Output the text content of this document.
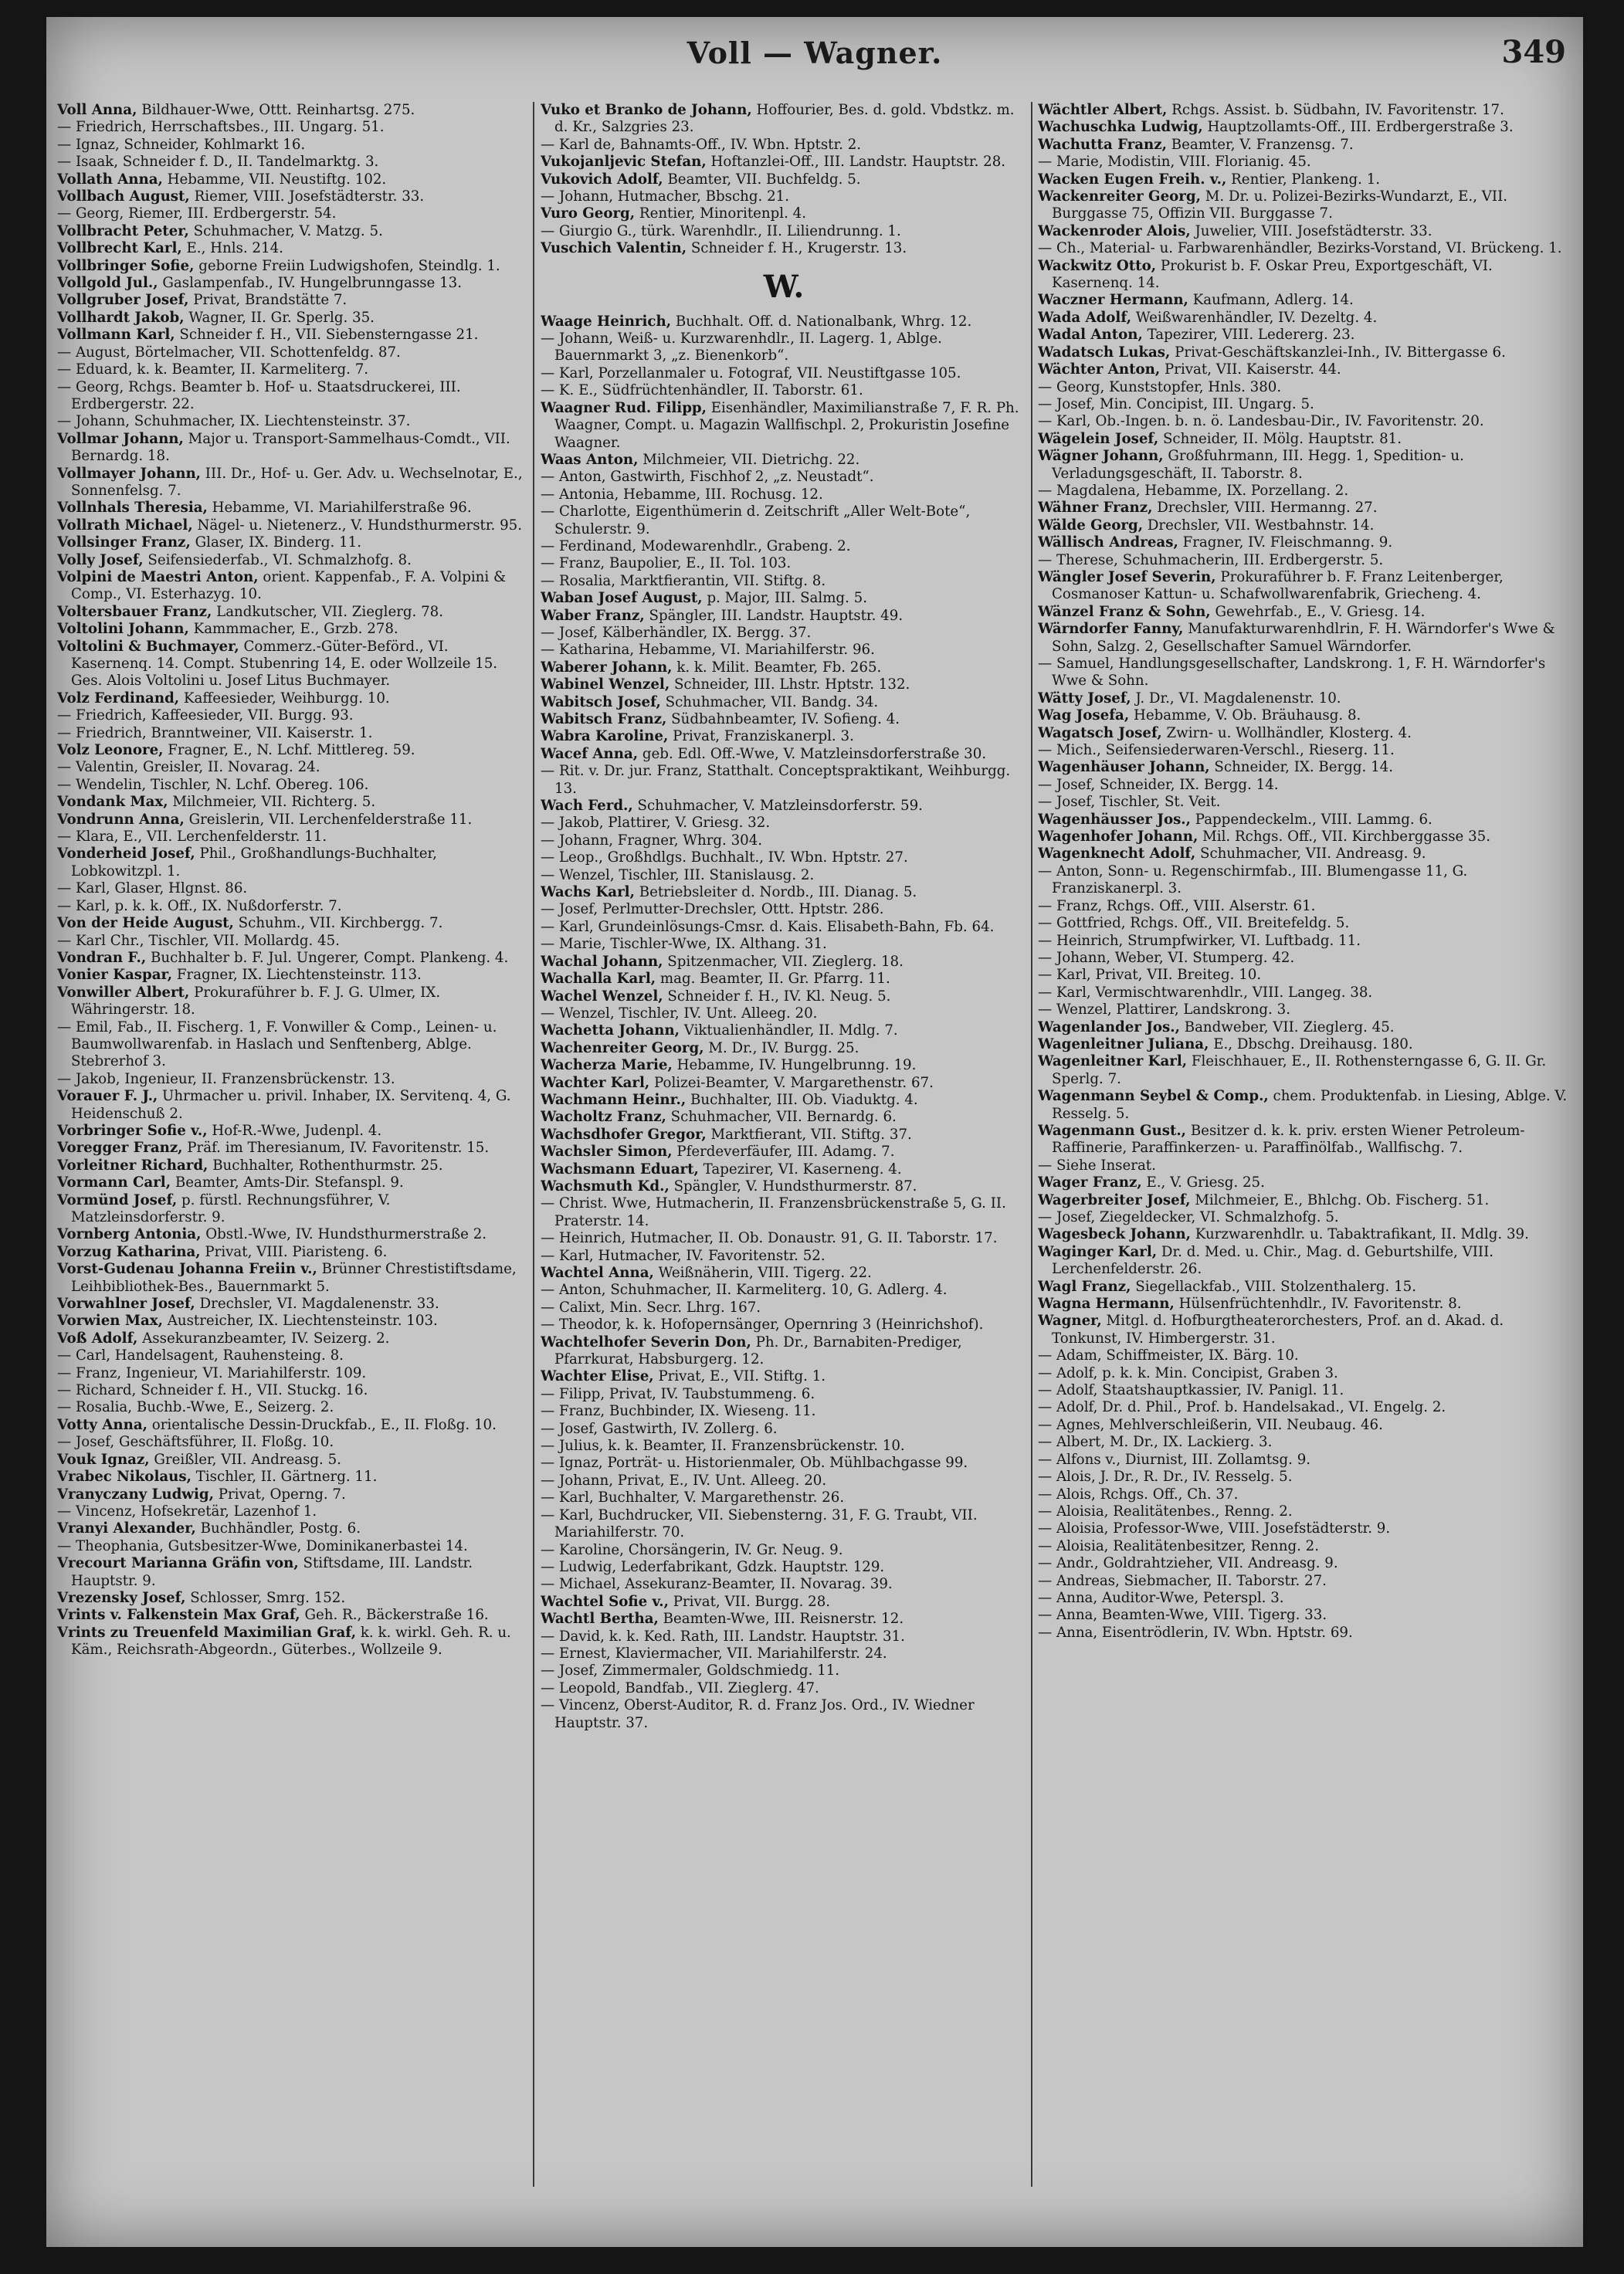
Voll — Wagner.	349

Voll Anna, Bildhauer-Wwe, Ottt. Reinhartsg. 275.

— Friedrich, Herrschaftsbes., III. Ungarg. 51.

— Ignaz, Schneider, Kohlmarkt 16.

— Isaak, Schneider f. D., II. Tandelmarktg. 3.

Vollath Anna, Hebamme, VII. Neustiftg. 102.

Vollbach August, Riemer, VIII. Josefstädterstr. 33.

— Georg, Riemer, III. Erdbergerstr. 54.

Vollbracht Peter, Schuhmacher, V. Matzg. 5.

Vollbrecht Karl, E., Hnls. 214.

Vollbringer Sofie, geborne Freiin Ludwigshofen, Steindlg. 1.

Vollgold Jul., Gaslampenfab., IV. Hungelbrunngasse 13.

Vollgruber Josef, Privat, Brandstätte 7.

Vollhardt Jakob, Wagner, II. Gr. Sperlg. 35.

Vollmann Karl, Schneider f. H., VII. Siebensterngasse 21.

— August, Börtelmacher, VII. Schottenfeldg. 87.

— Eduard, k. k. Beamter, II. Karmeliterg. 7.

— Georg, Rchgs. Beamter b. Hof- u. Staatsdruckerei, III. Erdbergerstr. 22.

— Johann, Schuhmacher, IX. Liechtensteinstr. 37.

Vollmar Johann, Major u. Transport-Sammelhaus-Comdt., VII. Bernardg. 18.

Vollmayer Johann, III. Dr., Hof- u. Ger. Adv. u. Wechselnotar, E., Sonnenfelsg. 7.

Vollnhals Theresia, Hebamme, VI. Mariahilferstraße 96.

Vollrath Michael, Nägel- u. Nietenerz., V. Hundsthurmerstr. 95.

Vollsinger Franz, Glaser, IX. Binderg. 11.

Volly Josef, Seifensiederfab., VI. Schmalzhofg. 8.

Volpini de Maestri Anton, orient. Kappenfab., F. A. Volpini & Comp., VI. Esterhazyg. 10.

Voltersbauer Franz, Landkutscher, VII. Zieglerg. 78.

Voltolini Johann, Kammmacher, E., Grzb. 278.

Voltolini & Buchmayer, Commerz.-Güter-Beförd., VI. Kasernenq. 14. Compt. Stubenring 14, E. oder Wollzeile 15. Ges. Alois Voltolini u. Josef Litus Buchmayer.

Volz Ferdinand, Kaffeesieder, Weihburgg. 10.

— Friedrich, Kaffeesieder, VII. Burgg. 93.

— Friedrich, Branntweiner, VII. Kaiserstr. 1.

Volz Leonore, Fragner, E., N. Lchf. Mittlereg. 59.

— Valentin, Greisler, II. Novarag. 24.

— Wendelin, Tischler, N. Lchf. Obereg. 106.

Vondank Max, Milchmeier, VII. Richterg. 5.

Vondrunn Anna, Greislerin, VII. Lerchenfelderstraße 11.

— Klara, E., VII. Lerchenfelderstr. 11.

Vonderheid Josef, Phil., Großhandlungs-Buchhalter, Lobkowitzpl. 1.

— Karl, Glaser, Hlgnst. 86.

— Karl, p. k. k. Off., IX. Nußdorferstr. 7.

Von der Heide August, Schuhm., VII. Kirchbergg. 7.

— Karl Chr., Tischler, VII. Mollardg. 45.

Vondran F., Buchhalter b. F. Jul. Ungerer, Compt. Plankeng. 4.

Vonier Kaspar, Fragner, IX. Liechtensteinstr. 113.

Vonwiller Albert, Prokuraführer b. F. J. G. Ulmer, IX. Währingerstr. 18.

— Emil, Fab., II. Fischerg. 1, F. Vonwiller & Comp., Leinen- u. Baumwollwarenfab. in Haslach und Senftenberg, Ablge. Stebrerhof 3.

— Jakob, Ingenieur, II. Franzensbrückenstr. 13.

Vorauer F. J., Uhrmacher u. privil. Inhaber, IX. Servitenq. 4, G. Heidenschuß 2.

Vorbringer Sofie v., Hof-R.-Wwe, Judenpl. 4.

Voregger Franz, Präf. im Theresianum, IV. Favoritenstr. 15.

Vorleitner Richard, Buchhalter, Rothenthurmstr. 25.

Vormann Carl, Beamter, Amts-Dir. Stefanspl. 9.

Vormünd Josef, p. fürstl. Rechnungsführer, V. Matzleinsdorferstr. 9.

Vornberg Antonia, Obstl.-Wwe, IV. Hundsthurmerstraße 2.

Vorzug Katharina, Privat, VIII. Piaristeng. 6.

Vorst-Gudenau Johanna Freiin v., Brünner Chrestistiftsdame, Leihbibliothek-Bes., Bauernmarkt 5.

Vorwahlner Josef, Drechsler, VI. Magdalenenstr. 33.

Vorwien Max, Austreicher, IX. Liechtensteinstr. 103.

Voß Adolf, Assekuranzbeamter, IV. Seizerg. 2.

— Carl, Handelsagent, Rauhensteing. 8.

— Franz, Ingenieur, VI. Mariahilferstr. 109.

— Richard, Schneider f. H., VII. Stuckg. 16.

— Rosalia, Buchb.-Wwe, E., Seizerg. 2.

Votty Anna, orientalische Dessin-Druckfab., E., II. Floßg. 10.

— Josef, Geschäftsführer, II. Floßg. 10.

Vouk Ignaz, Greißler, VII. Andreasg. 5.

Vrabec Nikolaus, Tischler, II. Gärtnerg. 11.

Vranyczany Ludwig, Privat, Operng. 7.

— Vincenz, Hofsekretär, Lazenhof 1.

Vranyi Alexander, Buchhändler, Postg. 6.

— Theophania, Gutsbesitzer-Wwe, Dominikanerbastei 14.

Vrecourt Marianna Gräfin von, Stiftsdame, III. Landstr. Hauptstr. 9.

Vrezensky Josef, Schlosser, Smrg. 152.

Vrints v. Falkenstein Max Graf, Geh. R., Bäckerstraße 16.

Vrints zu Treuenfeld Maximilian Graf, k. k. wirkl. Geh. R. u. Käm., Reichsrath-Abgeordn., Güterbes., Wollzeile 9.

Vuko et Branko de Johann, Hoffourier, Bes. d. gold. Vbdstkz. m. d. Kr., Salzgries 23.

— Karl de, Bahnamts-Off., IV. Wbn. Hptstr. 2.

Vukojanljevic Stefan, Hoftanzlei-Off., III. Landstr. Hauptstr. 28.

Vukovich Adolf, Beamter, VII. Buchfeldg. 5.

— Johann, Hutmacher, Bbschg. 21.

Vuro Georg, Rentier, Minoritenpl. 4.

— Giurgio G., türk. Warenhdlr., II. Liliendrunng. 1.

Vuschich Valentin, Schneider f. H., Krugerstr. 13.

W.

Waage Heinrich, Buchhalt. Off. d. Nationalbank, Whrg. 12.

— Johann, Weiß- u. Kurzwarenhdlr., II. Lagerg. 1, Ablge. Bauernmarkt 3, „z. Bienenkorb“.

— Karl, Porzellanmaler u. Fotograf, VII. Neustiftgasse 105.

— K. E., Südfrüchtenhändler, II. Taborstr. 61.

Waagner Rud. Filipp, Eisenhändler, Maximilianstraße 7, F. R. Ph. Waagner, Compt. u. Magazin Wallfischpl. 2, Prokuristin Josefine Waagner.

Waas Anton, Milchmeier, VII. Dietrichg. 22.

— Anton, Gastwirth, Fischhof 2, „z. Neustadt“.

— Antonia, Hebamme, III. Rochusg. 12.

— Charlotte, Eigenthümerin d. Zeitschrift „Aller Welt-Bote“, Schulerstr. 9.

— Ferdinand, Modewarenhdlr., Grabeng. 2.

— Franz, Baupolier, E., II. Tol. 103.

— Rosalia, Marktfierantin, VII. Stiftg. 8.

Waban Josef August, p. Major, III. Salmg. 5.

Waber Franz, Spängler, III. Landstr. Hauptstr. 49.

— Josef, Kälberhändler, IX. Bergg. 37.

— Katharina, Hebamme, VI. Mariahilferstr. 96.

Waberer Johann, k. k. Milit. Beamter, Fb. 265.

Wabinel Wenzel, Schneider, III. Lhstr. Hptstr. 132.

Wabitsch Josef, Schuhmacher, VII. Bandg. 34.

Wabitsch Franz, Südbahnbeamter, IV. Sofieng. 4.

Wabra Karoline, Privat, Franziskanerpl. 3.

Wacef Anna, geb. Edl. Off.-Wwe, V. Matzleinsdorferstraße 30.

— Rit. v. Dr. jur. Franz, Statthalt. Conceptspraktikant, Weihburgg. 13.

Wach Ferd., Schuhmacher, V. Matzleinsdorferstr. 59.

— Jakob, Plattirer, V. Griesg. 32.

— Johann, Fragner, Whrg. 304.

— Leop., Großhdlgs. Buchhalt., IV. Wbn. Hptstr. 27.

— Wenzel, Tischler, III. Stanislausg. 2.

Wachs Karl, Betriebsleiter d. Nordb., III. Dianag. 5.

— Josef, Perlmutter-Drechsler, Ottt. Hptstr. 286.

— Karl, Grundeinlösungs-Cmsr. d. Kais. Elisabeth-Bahn, Fb. 64.

— Marie, Tischler-Wwe, IX. Althang. 31.

Wachal Johann, Spitzenmacher, VII. Zieglerg. 18.

Wachalla Karl, mag. Beamter, II. Gr. Pfarrg. 11.

Wachel Wenzel, Schneider f. H., IV. Kl. Neug. 5.

— Wenzel, Tischler, IV. Unt. Alleeg. 20.

Wachetta Johann, Viktualienhändler, II. Mdlg. 7.

Wachenreiter Georg, M. Dr., IV. Burgg. 25.

Wacherza Marie, Hebamme, IV. Hungelbrunng. 19.

Wachter Karl, Polizei-Beamter, V. Margarethenstr. 67.

Wachmann Heinr., Buchhalter, III. Ob. Viaduktg. 4.

Wacholtz Franz, Schuhmacher, VII. Bernardg. 6.

Wachsdhofer Gregor, Marktfierant, VII. Stiftg. 37.

Wachsler Simon, Pferdeverfäufer, III. Adamg. 7.

Wachsmann Eduart, Tapezirer, VI. Kaserneng. 4.

Wachsmuth Kd., Spängler, V. Hundsthurmerstr. 87.

— Christ. Wwe, Hutmacherin, II. Franzensbrückenstraße 5, G. II. Praterstr. 14.

— Heinrich, Hutmacher, II. Ob. Donaustr. 91, G. II. Taborstr. 17.

— Karl, Hutmacher, IV. Favoritenstr. 52.

Wachtel Anna, Weißnäherin, VIII. Tigerg. 22.

— Anton, Schuhmacher, II. Karmeliterg. 10, G. Adlerg. 4.

— Calixt, Min. Secr. Lhrg. 167.

— Theodor, k. k. Hofopernsänger, Opernring 3 (Heinrichshof).

Wachtelhofer Severin Don, Ph. Dr., Barnabiten-Prediger, Pfarrkurat, Habsburgerg. 12.

Wachter Elise, Privat, E., VII. Stiftg. 1.

— Filipp, Privat, IV. Taubstummeng. 6.

— Franz, Buchbinder, IX. Wieseng. 11.

— Josef, Gastwirth, IV. Zollerg. 6.

— Julius, k. k. Beamter, II. Franzensbrückenstr. 10.

— Ignaz, Porträt- u. Historienmaler, Ob. Mühlbachgasse 99.

— Johann, Privat, E., IV. Unt. Alleeg. 20.

— Karl, Buchhalter, V. Margarethenstr. 26.

— Karl, Buchdrucker, VII. Siebensterng. 31, F. G. Traubt, VII. Mariahilferstr. 70.

— Karoline, Chorsängerin, IV. Gr. Neug. 9.

— Ludwig, Lederfabrikant, Gdzk. Hauptstr. 129.

— Michael, Assekuranz-Beamter, II. Novarag. 39.

Wachtel Sofie v., Privat, VII. Burgg. 28.

Wachtl Bertha, Beamten-Wwe, III. Reisnerstr. 12.

— David, k. k. Ked. Rath, III. Landstr. Hauptstr. 31.

— Ernest, Klaviermacher, VII. Mariahilferstr. 24.

— Josef, Zimmermaler, Goldschmiedg. 11.

— Leopold, Bandfab., VII. Zieglerg. 47.

— Vincenz, Oberst-Auditor, R. d. Franz Jos. Ord., IV. Wiedner Hauptstr. 37.

Wächtler Albert, Rchgs. Assist. b. Südbahn, IV. Favoritenstr. 17.

Wachuschka Ludwig, Hauptzollamts-Off., III. Erdbergerstraße 3.

Wachutta Franz, Beamter, V. Franzensg. 7.

— Marie, Modistin, VIII. Florianig. 45.

Wacken Eugen Freih. v., Rentier, Plankeng. 1.

Wackenreiter Georg, M. Dr. u. Polizei-Bezirks-Wundarzt, E., VII. Burggasse 75, Offizin VII. Burggasse 7.

Wackenroder Alois, Juwelier, VIII. Josefstädterstr. 33.

— Ch., Material- u. Farbwarenhändler, Bezirks-Vorstand, VI. Brückeng. 1.

Wackwitz Otto, Prokurist b. F. Oskar Preu, Exportgeschäft, VI. Kasernenq. 14.

Waczner Hermann, Kaufmann, Adlerg. 14.

Wada Adolf, Weißwarenhändler, IV. Dezeltg. 4.

Wadal Anton, Tapezirer, VIII. Ledererg. 23.

Wadatsch Lukas, Privat-Geschäftskanzlei-Inh., IV. Bittergasse 6.

Wächter Anton, Privat, VII. Kaiserstr. 44.

— Georg, Kunststopfer, Hnls. 380.

— Josef, Min. Concipist, III. Ungarg. 5.

— Karl, Ob.-Ingen. b. n. ö. Landesbau-Dir., IV. Favoritenstr. 20.

Wägelein Josef, Schneider, II. Mölg. Hauptstr. 81.

Wägner Johann, Großfuhrmann, III. Hegg. 1, Spedition- u. Verladungsgeschäft, II. Taborstr. 8.

— Magdalena, Hebamme, IX. Porzellang. 2.

Wähner Franz, Drechsler, VIII. Hermanng. 27.

Wälde Georg, Drechsler, VII. Westbahnstr. 14.

Wällisch Andreas, Fragner, IV. Fleischmanng. 9.

— Therese, Schuhmacherin, III. Erdbergerstr. 5.

Wängler Josef Severin, Prokuraführer b. F. Franz Leitenberger, Cosmanoser Kattun- u. Schafwollwarenfabrik, Griecheng. 4.

Wänzel Franz & Sohn, Gewehrfab., E., V. Griesg. 14.

Wärndorfer Fanny, Manufakturwarenhdlrin, F. H. Wärndorfer's Wwe & Sohn, Salzg. 2, Gesellschafter Samuel Wärndorfer.

— Samuel, Handlungsgesellschafter, Landskrong. 1, F. H. Wärndorfer's Wwe & Sohn.

Wätty Josef, J. Dr., VI. Magdalenenstr. 10.

Wag Josefa, Hebamme, V. Ob. Bräuhausg. 8.

Wagatsch Josef, Zwirn- u. Wollhändler, Klosterg. 4.

— Mich., Seifensiederwaren-Verschl., Rieserg. 11.

Wagenhäuser Johann, Schneider, IX. Bergg. 14.

— Josef, Schneider, IX. Bergg. 14.

— Josef, Tischler, St. Veit.

Wagenhäusser Jos., Pappendeckelm., VIII. Lammg. 6.

Wagenhofer Johann, Mil. Rchgs. Off., VII. Kirchberggasse 35.

Wagenknecht Adolf, Schuhmacher, VII. Andreasg. 9.

— Anton, Sonn- u. Regenschirmfab., III. Blumengasse 11, G. Franziskanerpl. 3.

— Franz, Rchgs. Off., VIII. Alserstr. 61.

— Gottfried, Rchgs. Off., VII. Breitefeldg. 5.

— Heinrich, Strumpfwirker, VI. Luftbadg. 11.

— Johann, Weber, VI. Stumperg. 42.

— Karl, Privat, VII. Breiteg. 10.

— Karl, Vermischtwarenhdlr., VIII. Langeg. 38.

— Wenzel, Plattirer, Landskrong. 3.

Wagenlander Jos., Bandweber, VII. Zieglerg. 45.

Wagenleitner Juliana, E., Dbschg. Dreihausg. 180.

Wagenleitner Karl, Fleischhauer, E., II. Rothensterngasse 6, G. II. Gr. Sperlg. 7.

Wagenmann Seybel & Comp., chem. Produktenfab. in Liesing, Ablge. V. Resselg. 5.

Wagenmann Gust., Besitzer d. k. k. priv. ersten Wiener Petroleum-Raffinerie, Paraffinkerzen- u. Paraffinölfab., Wallfischg. 7.

— Siehe Inserat.

Wager Franz, E., V. Griesg. 25.

Wagerbreiter Josef, Milchmeier, E., Bhlchg. Ob. Fischerg. 51.

— Josef, Ziegeldecker, VI. Schmalzhofg. 5.

Wagesbeck Johann, Kurzwarenhdlr. u. Tabaktrafikant, II. Mdlg. 39.

Waginger Karl, Dr. d. Med. u. Chir., Mag. d. Geburtshilfe, VIII. Lerchenfelderstr. 26.

Wagl Franz, Siegellackfab., VIII. Stolzenthalerg. 15.

Wagna Hermann, Hülsenfrüchtenhdlr., IV. Favoritenstr. 8.

Wagner, Mitgl. d. Hofburgtheaterorchesters, Prof. an d. Akad. d. Tonkunst, IV. Himbergerstr. 31.

— Adam, Schiffmeister, IX. Bärg. 10.

— Adolf, p. k. k. Min. Concipist, Graben 3.

— Adolf, Staatshauptkassier, IV. Panigl. 11.

— Adolf, Dr. d. Phil., Prof. b. Handelsakad., VI. Engelg. 2.

— Agnes, Mehlverschleißerin, VII. Neubaug. 46.

— Albert, M. Dr., IX. Lackierg. 3.

— Alfons v., Diurnist, III. Zollamtsg. 9.

— Alois, J. Dr., R. Dr., IV. Resselg. 5.

— Alois, Rchgs. Off., Ch. 37.

— Aloisia, Realitätenbes., Renng. 2.

— Aloisia, Professor-Wwe, VIII. Josefstädterstr. 9.

— Aloisia, Realitätenbesitzer, Renng. 2.

— Andr., Goldrahtzieher, VII. Andreasg. 9.

— Andreas, Siebmacher, II. Taborstr. 27.

— Anna, Auditor-Wwe, Peterspl. 3.

— Anna, Beamten-Wwe, VIII. Tigerg. 33.

— Anna, Eisentrödlerin, IV. Wbn. Hptstr. 69.
